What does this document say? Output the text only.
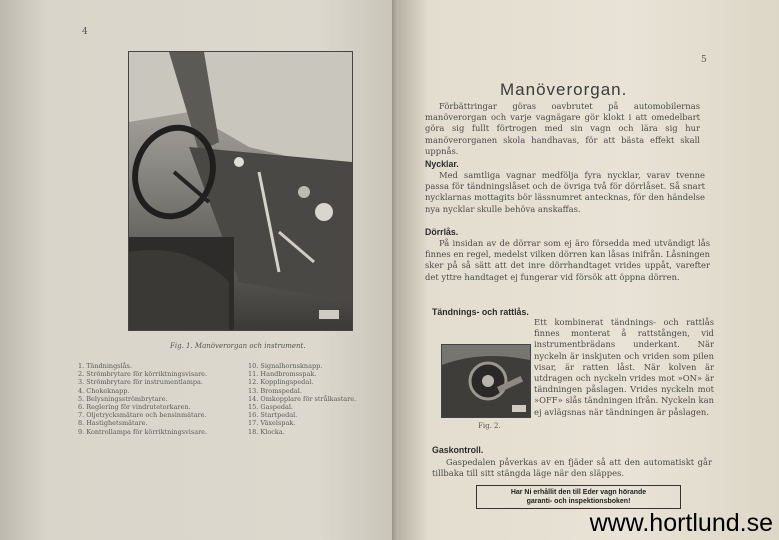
4
Fig. 1. Manöverorgan och instrument.
1. Tändningslås.
2. Strömbrytare för körriktningsvisare.
3. Strömbrytare för instrumentlampa.
4. Chokeknapp.
5. Belysningsströmbrytare.
6. Reglering för vindrutetorkaren.
7. Oljetrycksmätare och bensinmätare.
8. Hastighetsmätare.
9. Kontrollampa för körriktningsvisare.
10. Signalhornsknapp.
11. Handbromsspak.
12. Kopplingspedal.
13. Bromspedal.
14. Omkopplare för strålkastare.
15. Gaspedal.
16. Startpedal.
17. Växelspak.
18. Klocka.
5
Manöverorgan.
Förbättringar göras oavbrutet på automobilernas manöverorgan och varje vagnägare gör klokt i att omedelbart göra sig fullt förtrogen med sin vagn och lära sig hur manöverorganen skola handhavas, för att bästa effekt skall uppnås.
Nycklar.
Med samtliga vagnar medfölja fyra nycklar, varav tvenne passa för tändningslåset och de övriga två för dörrlåset. Så snart nycklarnas mottagits bör lässnumret antecknas, för den händelse nya nycklar skulle behöva anskaffas.
Dörrlås.
På insidan av de dörrar som ej äro försedda med utvändigt lås finnes en regel, medelst vilken dörren kan låsas inifrån. Låsningen sker på så sätt att det inre dörrhandtaget vrides uppåt, varefter det yttre handtaget ej fungerar vid försök att öppna dörren.
Tändnings- och rattlås.
Ett kombinerat tändnings- och rattlås finnes monterat å rattstången, vid instrumentbrädans underkant. När nyckeln är inskjuten och vriden som pilen visar, är ratten låst. När kolven är utdragen och nyckeln vrides mot »ON» är tändningen påslagen. Vrides nyckeln mot »OFF» slås tändningen ifrån. Nyckeln kan ej avlägsnas när tändningen är påslagen.
Fig. 2.
Gaskontroll.
Gaspedalen påverkas av en fjäder så att den automatiskt går tillbaka till sitt stängda läge när den släppes.
Har Ni erhållit den till Eder vagn hörande
garanti- och inspektionsboken!
www.hortlund.se
